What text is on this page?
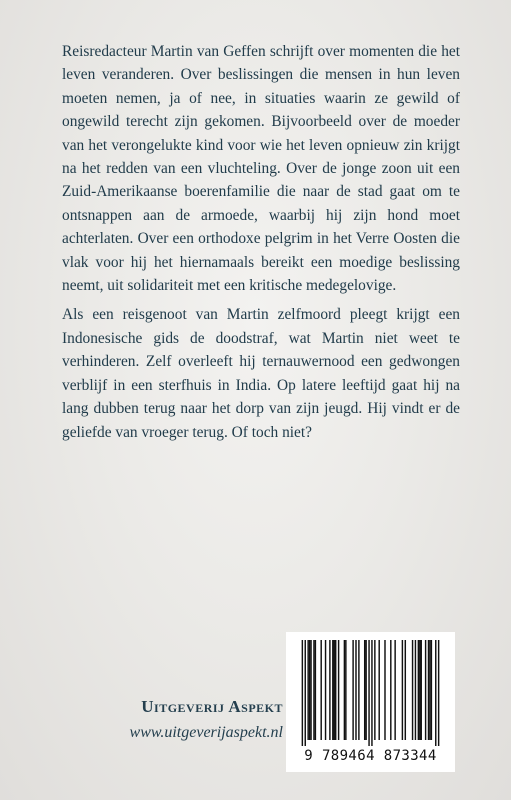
Reisredacteur Martin van Geffen schrijft over momenten die het leven veranderen. Over beslissingen die mensen in hun leven moeten nemen, ja of nee, in situaties waarin ze gewild of ongewild terecht zijn gekomen. Bijvoorbeeld over de moeder van het verongelukte kind voor wie het leven opnieuw zin krijgt na het redden van een vluchteling. Over de jonge zoon uit een Zuid-Amerikaanse boerenfamilie die naar de stad gaat om te ontsnappen aan de armoede, waarbij hij zijn hond moet achterlaten. Over een orthodoxe pelgrim in het Verre Oosten die vlak voor hij het hiernamaals bereikt een moedige beslissing neemt, uit solidariteit met een kritische medegelovige.

Als een reisgenoot van Martin zelfmoord pleegt krijgt een Indonesische gids de doodstraf, wat Martin niet weet te verhinderen. Zelf overleeft hij ternauwernood een gedwongen verblijf in een sterfhuis in India. Op latere leeftijd gaat hij na lang dubben terug naar het dorp van zijn jeugd. Hij vindt er de geliefde van vroeger terug. Of toch niet?

Uitgeverij Aspekt
www.uitgeverijaspekt.nl
9 789464 873344
